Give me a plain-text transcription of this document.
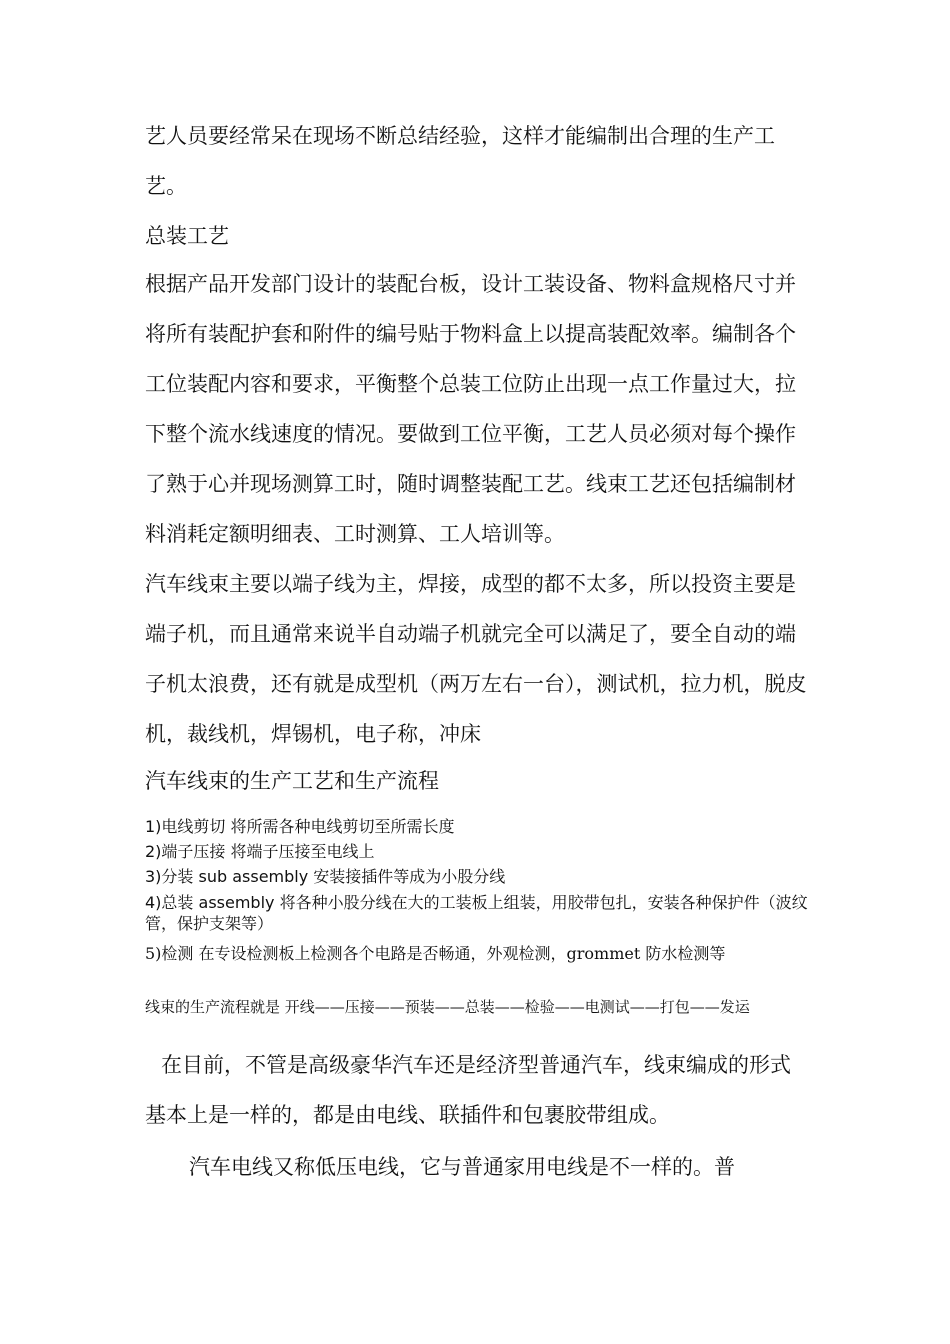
艺人员要经常呆在现场不断总结经验，这样才能编制出合理的生产工艺。

总装工艺

根据产品开发部门设计的装配台板，设计工装设备、物料盒规格尺寸并将所有装配护套和附件的编号贴于物料盒上以提高装配效率。编制各个工位装配内容和要求，平衡整个总装工位防止出现一点工作量过大，拉下整个流水线速度的情况。要做到工位平衡，工艺人员必须对每个操作了熟于心并现场测算工时，随时调整装配工艺。线束工艺还包括编制材料消耗定额明细表、工时测算、工人培训等。

汽车线束主要以端子线为主，焊接，成型的都不太多，所以投资主要是端子机，而且通常来说半自动端子机就完全可以满足了，要全自动的端子机太浪费，还有就是成型机（两万左右一台），测试机，拉力机，脱皮机，裁线机，焊锡机，电子称，冲床

汽车线束的生产工艺和生产流程

1)电线剪切 将所需各种电线剪切至所需长度
2)端子压接 将端子压接至电线上
3)分装 sub assembly 安装接插件等成为小股分线
4)总装 assembly 将各种小股分线在大的工装板上组装，用胶带包扎，安装各种保护件（波纹管，保护支架等）
5)检测 在专设检测板上检测各个电路是否畅通，外观检测，grommet 防水检测等
线束的生产流程就是 开线——压接——预装——总装——检验——电测试——打包——发运

在目前，不管是高级豪华汽车还是经济型普通汽车，线束编成的形式基本上是一样的，都是由电线、联插件和包裹胶带组成。

汽车电线又称低压电线，它与普通家用电线是不一样的。普
